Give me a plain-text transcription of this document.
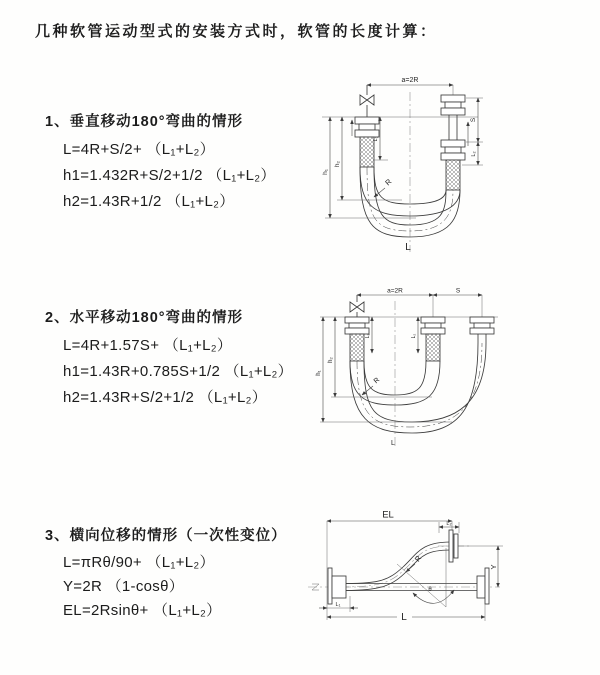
几种软管运动型式的安装方式时，软管的长度计算：
1、垂直移动180°弯曲的情形
L=4R+S/2+ （L₁+L₂）
h1=1.432R+S/2+1/2 （L₁+L₂）
h2=1.43R+1/2 （L₁+L₂）
2、水平移动180°弯曲的情形
L=4R+1.57S+ （L₁+L₂）
h1=1.43R+0.785S+1/2 （L₁+L₂）
h2=1.43R+S/2+1/2 （L₁+L₂）
3、横向位移的情形（一次性变位）
L=πRθ/90+ （L₁+L₂）
Y=2R （1-cosθ）
EL=2Rsinθ+ （L₁+L₂）
a=2R
h₁
h₂
L₁
S
L₂
R
L
a=2R	S
L₁	L₂
h₁
h₂
R
L
EL
L₂
Y
θ
R
L
L₁
